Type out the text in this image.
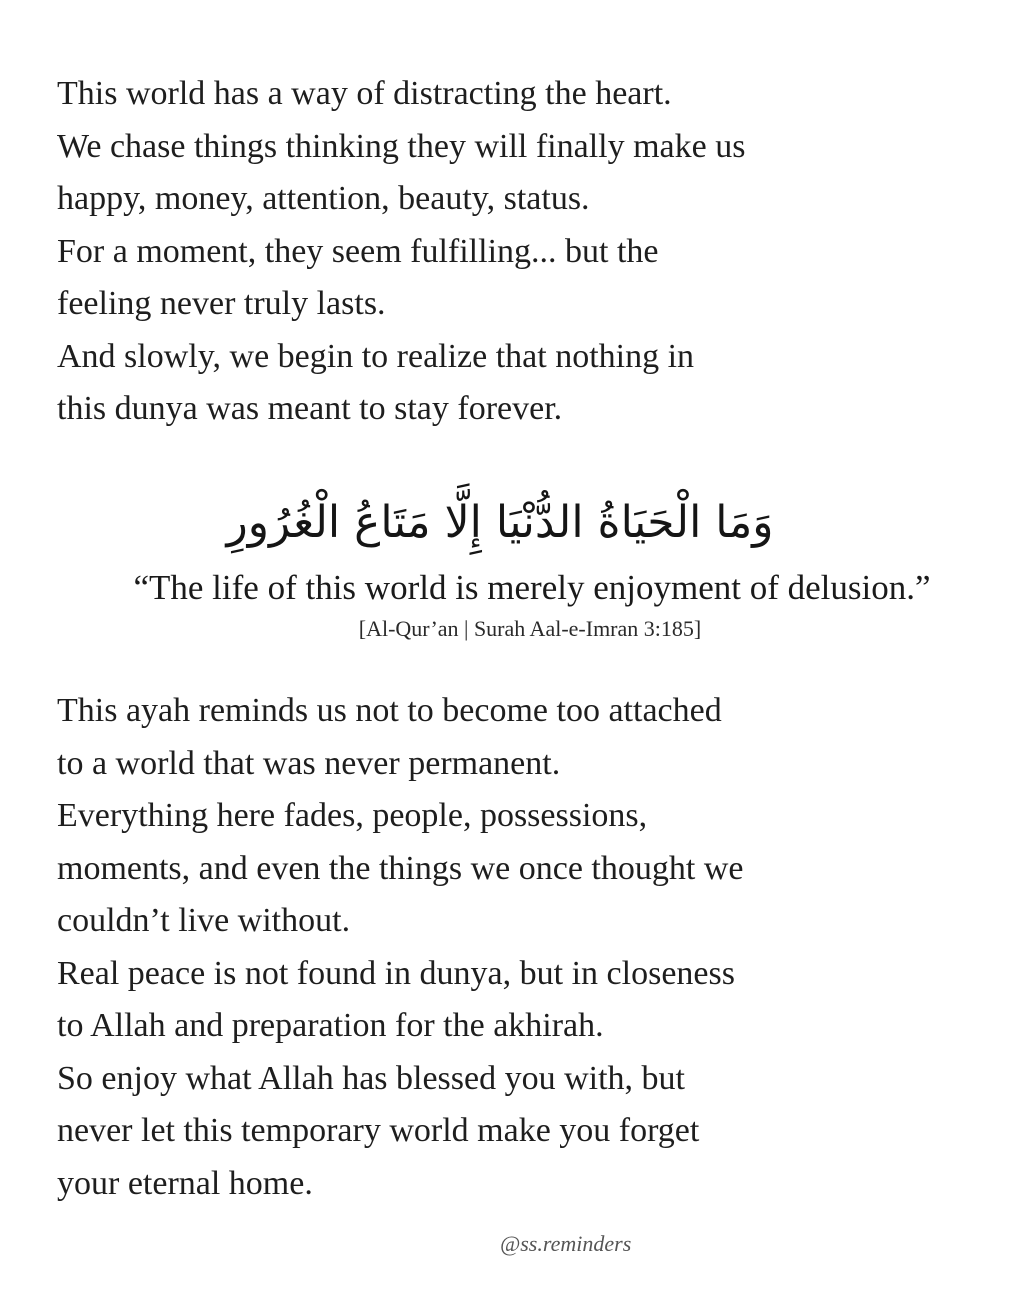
This world has a way of distracting the heart.
We chase things thinking they will finally make us
happy, money, attention, beauty, status.
For a moment, they seem fulfilling... but the
feeling never truly lasts.
And slowly, we begin to realize that nothing in
this dunya was meant to stay forever.
وَمَا الْحَيَاةُ الدُّنْيَا إِلَّا مَتَاعُ الْغُرُورِ
“The life of this world is merely enjoyment of delusion.”
[Al-Qur’an | Surah Aal-e-Imran 3:185]
This ayah reminds us not to become too attached
to a world that was never permanent.
Everything here fades, people, possessions,
moments, and even the things we once thought we
couldn’t live without.
Real peace is not found in dunya, but in closeness
to Allah and preparation for the akhirah.
So enjoy what Allah has blessed you with, but
never let this temporary world make you forget
your eternal home.
@ss.reminders
